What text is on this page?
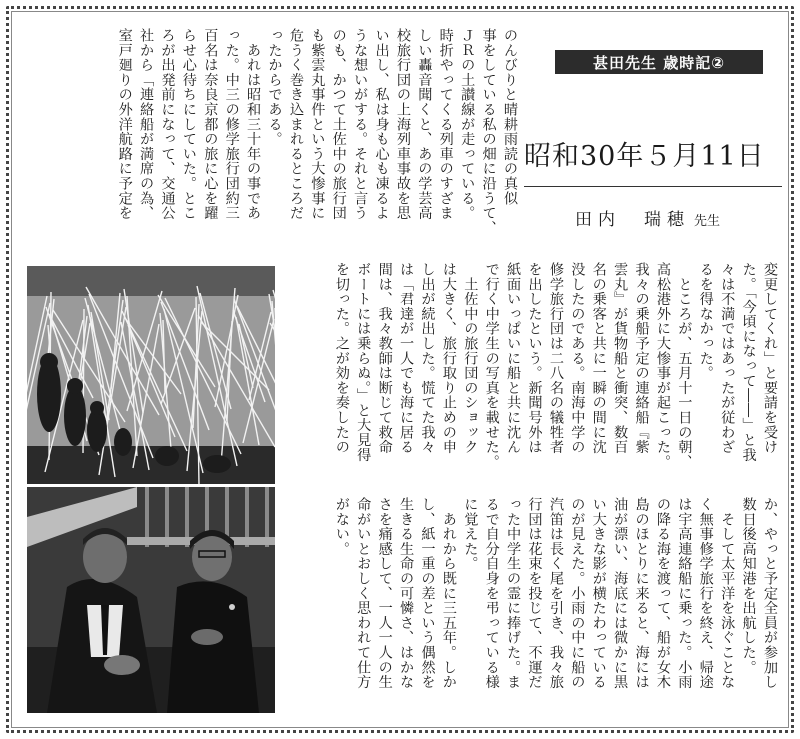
のんびりと晴耕雨読の真似
事をしている私の畑に沿うて、
ＪＲの土讃線が走っている。
時折やってくる列車のすざま
しい轟音聞くと、あの学芸高
校旅行団の上海列車事故を思
い出し、私は身も心も凍るよ
うな想いがする。それと言う
のも、かつて土佐中の旅行団
も紫雲丸事件という大惨事に
危うく巻き込まれるところだ
ったからである。
　あれは昭和三十年の事であ
った。中三の修学旅行団約三
百名は奈良京都の旅に心を躍
らせ心待ちにしていた。とこ
ろが出発前になって、交通公
社から「連絡船が満席の為、
室戸廻りの外洋航路に予定を	甚田先生 歳時記②
昭和30年５月11日
田内　瑞穂 先生
変更してくれ」と要請を受け
た。「今頃になって――」と我
々は不満ではあったが従わざ
るを得なかった。
　ところが、五月十一日の朝、
高松港外に大惨事が起こった。
我々の乗船予定の連絡船『紫
雲丸』が貨物船と衝突、数百
名の乗客と共に一瞬の間に沈
没したのである。南海中学の
修学旅行団は二八名の犠牲者
を出したという。新聞号外は
紙面いっぱいに船と共に沈ん
で行く中学生の写真を載せた。
　土佐中の旅行団のショック
は大きく、旅行取り止めの申
し出が続出した。慌てた我々
は「君達が一人でも海に居る
間は、我々教師は断じて救命
ボートには乗らぬ。」と大見得
を切った。之が効を奏したの
か、やっと予定全員が参加し
数日後高知港を出航した。
　そして太平洋を泳ぐことな
く無事修学旅行を終え、帰途
は宇高連絡船に乗った。小雨
の降る海を渡って、船が女木
島のほとりに来ると、海には
油が漂い、海底には微かに黒
い大きな影が横たわっている
のが見えた。小雨の中に船の
汽笛は長く尾を引き、我々旅
行団は花束を投じて、不運だ
った中学生の霊に捧げた。ま
るで自分自身を弔っている様
に覚えた。
　あれから既に三五年。しか
し、紙一重の差という偶然を
生きる生命の可憐さ、はかな
さを痛感して、一人一人の生
命がいとおしく思われて仕方
がない。
